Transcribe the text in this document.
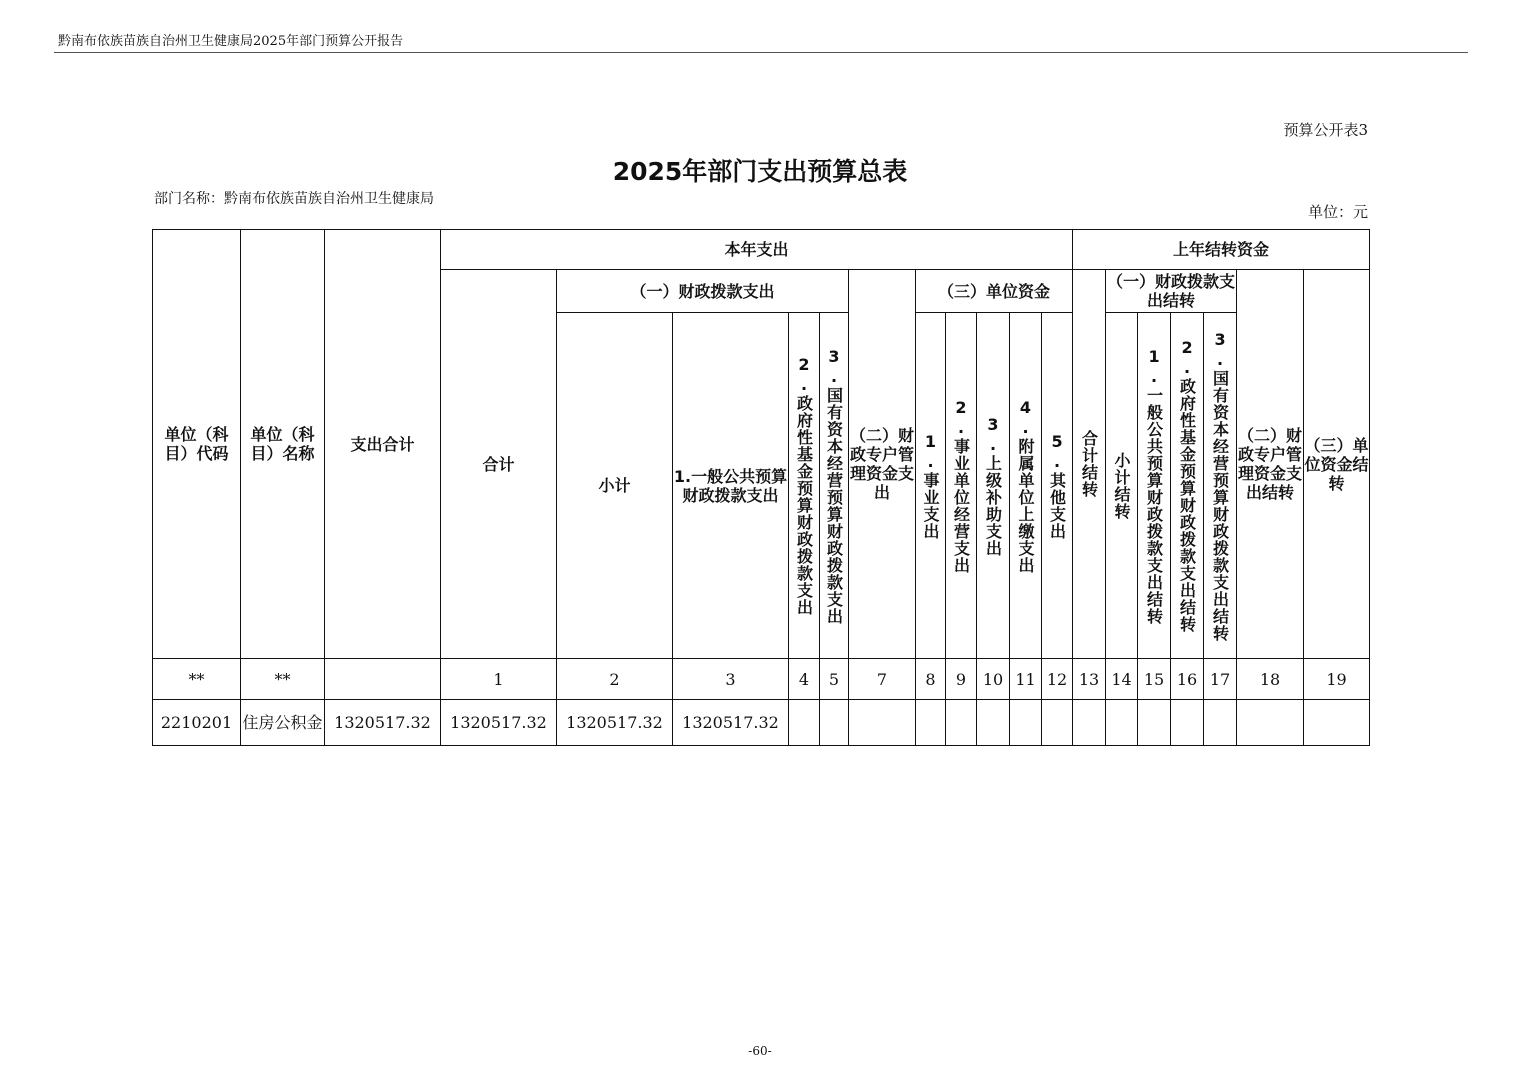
黔南布依族苗族自治州卫生健康局2025年部门预算公开报告
预算公开表3
2025年部门支出预算总表
部门名称：黔南布依族苗族自治州卫生健康局
单位：元
单位（科目）代码	单位（科目）名称	支出合计	本年支出											上年结转资金						
			合计	（一）财政拨款支出				（二）财政专户管理资金支出	（三）单位资金					合计结转	（一）财政拨款支出结转				（二）财政专户管理资金支出结转	（三）单位资金结转
				小计	1.一般公共预算财政拨款支出	2.政府性基金预算财政拨款支出	3.国有资本经营预算财政拨款支出		1.事业支出	2.事业单位经营支出	3.上级补助支出	4.附属单位上缴支出	5.其他支出		小计结转	1.一般公共预算财政拨款支出结转	2.政府性基金预算财政拨款支出结转	3.国有资本经营预算财政拨款支出结转		
**	**		1	2	3	4	5	7	8	9	10	11	12	13	14	15	16	17	18	19
2210201	住房公积金	1320517.32	1320517.32	1320517.32	1320517.32															
-60-
